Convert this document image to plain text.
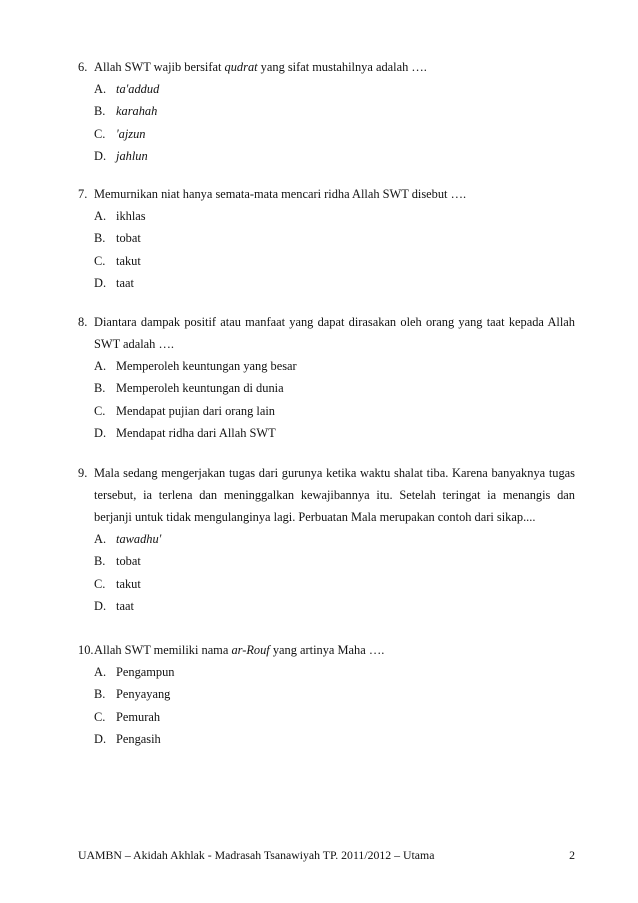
6. Allah SWT wajib bersifat qudrat yang sifat mustahilnya adalah ….
A. ta'addud
B. karahah
C. 'ajzun
D. jahlun
7. Memurnikan niat hanya semata-mata mencari ridha Allah SWT disebut ….
A. ikhlas
B. tobat
C. takut
D. taat
8. Diantara dampak positif atau manfaat yang dapat dirasakan oleh orang yang taat kepada Allah SWT adalah ….
A. Memperoleh keuntungan yang besar
B. Memperoleh keuntungan di dunia
C. Mendapat pujian dari orang lain
D. Mendapat ridha dari Allah SWT
9. Mala sedang mengerjakan tugas dari gurunya ketika waktu shalat tiba. Karena banyaknya tugas tersebut, ia terlena dan meninggalkan kewajibannya itu. Setelah teringat ia menangis dan berjanji untuk tidak mengulanginya lagi. Perbuatan Mala merupakan contoh dari sikap....
A. tawadhu'
B. tobat
C. takut
D. taat
10. Allah SWT memiliki nama ar-Rouf yang artinya Maha ….
A. Pengampun
B. Penyayang
C. Pemurah
D. Pengasih
UAMBN – Akidah Akhlak - Madrasah Tsanawiyah TP. 2011/2012 – Utama	2
